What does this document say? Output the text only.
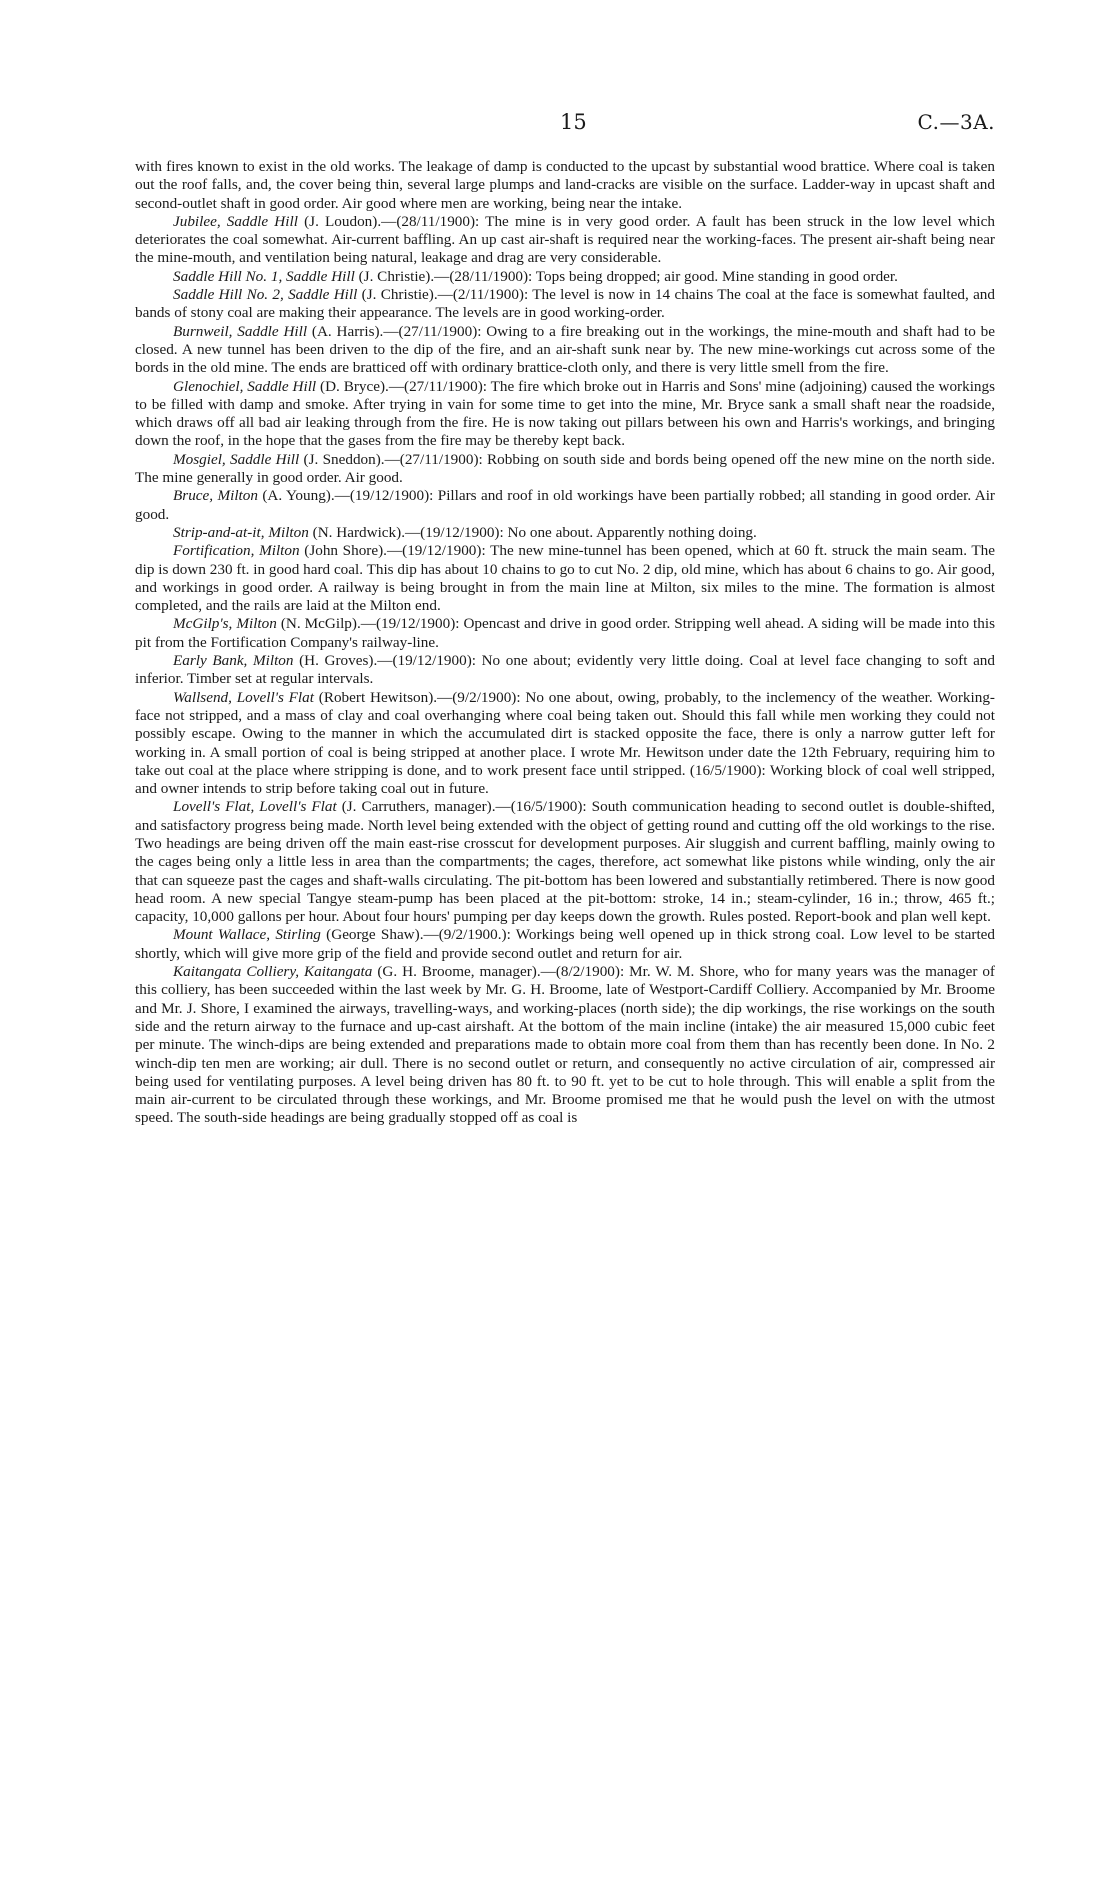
15	C.—3A.

with fires known to exist in the old works. The leakage of damp is conducted to the upcast by substantial wood brattice. Where coal is taken out the roof falls, and, the cover being thin, several large plumps and land-cracks are visible on the surface. Ladder-way in upcast shaft and second-outlet shaft in good order. Air good where men are working, being near the intake.

Jubilee, Saddle Hill (J. Loudon).—(28/11/1900): The mine is in very good order. A fault has been struck in the low level which deteriorates the coal somewhat. Air-current baffling. An up cast air-shaft is required near the working-faces. The present air-shaft being near the mine-mouth, and ventilation being natural, leakage and drag are very considerable.

Saddle Hill No. 1, Saddle Hill (J. Christie).—(28/11/1900): Tops being dropped; air good. Mine standing in good order.

Saddle Hill No. 2, Saddle Hill (J. Christie).—(2/11/1900): The level is now in 14 chains The coal at the face is somewhat faulted, and bands of stony coal are making their appearance. The levels are in good working-order.

Burnweil, Saddle Hill (A. Harris).—(27/11/1900): Owing to a fire breaking out in the workings, the mine-mouth and shaft had to be closed. A new tunnel has been driven to the dip of the fire, and an air-shaft sunk near by. The new mine-workings cut across some of the bords in the old mine. The ends are bratticed off with ordinary brattice-cloth only, and there is very little smell from the fire.

Glenochiel, Saddle Hill (D. Bryce).—(27/11/1900): The fire which broke out in Harris and Sons' mine (adjoining) caused the workings to be filled with damp and smoke. After trying in vain for some time to get into the mine, Mr. Bryce sank a small shaft near the roadside, which draws off all bad air leaking through from the fire. He is now taking out pillars between his own and Harris's workings, and bringing down the roof, in the hope that the gases from the fire may be thereby kept back.

Mosgiel, Saddle Hill (J. Sneddon).—(27/11/1900): Robbing on south side and bords being opened off the new mine on the north side. The mine generally in good order. Air good.

Bruce, Milton (A. Young).—(19/12/1900): Pillars and roof in old workings have been partially robbed; all standing in good order. Air good.

Strip-and-at-it, Milton (N. Hardwick).—(19/12/1900): No one about. Apparently nothing doing.

Fortification, Milton (John Shore).—(19/12/1900): The new mine-tunnel has been opened, which at 60 ft. struck the main seam. The dip is down 230 ft. in good hard coal. This dip has about 10 chains to go to cut No. 2 dip, old mine, which has about 6 chains to go. Air good, and workings in good order. A railway is being brought in from the main line at Milton, six miles to the mine. The formation is almost completed, and the rails are laid at the Milton end.

McGilp's, Milton (N. McGilp).—(19/12/1900): Opencast and drive in good order. Stripping well ahead. A siding will be made into this pit from the Fortification Company's railway-line.

Early Bank, Milton (H. Groves).—(19/12/1900): No one about; evidently very little doing. Coal at level face changing to soft and inferior. Timber set at regular intervals.

Wallsend, Lovell's Flat (Robert Hewitson).—(9/2/1900): No one about, owing, probably, to the inclemency of the weather. Working-face not stripped, and a mass of clay and coal overhanging where coal being taken out. Should this fall while men working they could not possibly escape. Owing to the manner in which the accumulated dirt is stacked opposite the face, there is only a narrow gutter left for working in. A small portion of coal is being stripped at another place. I wrote Mr. Hewitson under date the 12th February, requiring him to take out coal at the place where stripping is done, and to work present face until stripped. (16/5/1900): Working block of coal well stripped, and owner intends to strip before taking coal out in future.

Lovell's Flat, Lovell's Flat (J. Carruthers, manager).—(16/5/1900): South communication heading to second outlet is double-shifted, and satisfactory progress being made. North level being extended with the object of getting round and cutting off the old workings to the rise. Two headings are being driven off the main east-rise crosscut for development purposes. Air sluggish and current baffling, mainly owing to the cages being only a little less in area than the compartments; the cages, therefore, act somewhat like pistons while winding, only the air that can squeeze past the cages and shaft-walls circulating. The pit-bottom has been lowered and substantially retimbered. There is now good head room. A new special Tangye steam-pump has been placed at the pit-bottom: stroke, 14 in.; steam-cylinder, 16 in.; throw, 465 ft.; capacity, 10,000 gallons per hour. About four hours' pumping per day keeps down the growth. Rules posted. Report-book and plan well kept.

Mount Wallace, Stirling (George Shaw).—(9/2/1900.): Workings being well opened up in thick strong coal. Low level to be started shortly, which will give more grip of the field and provide second outlet and return for air.

Kaitangata Colliery, Kaitangata (G. H. Broome, manager).—(8/2/1900): Mr. W. M. Shore, who for many years was the manager of this colliery, has been succeeded within the last week by Mr. G. H. Broome, late of Westport-Cardiff Colliery. Accompanied by Mr. Broome and Mr. J. Shore, I examined the airways, travelling-ways, and working-places (north side); the dip workings, the rise workings on the south side and the return airway to the furnace and up-cast airshaft. At the bottom of the main incline (intake) the air measured 15,000 cubic feet per minute. The winch-dips are being extended and preparations made to obtain more coal from them than has recently been done. In No. 2 winch-dip ten men are working; air dull. There is no second outlet or return, and consequently no active circulation of air, compressed air being used for ventilating purposes. A level being driven has 80 ft. to 90 ft. yet to be cut to hole through. This will enable a split from the main air-current to be circulated through these workings, and Mr. Broome promised me that he would push the level on with the utmost speed. The south-side headings are being gradually stopped off as coal is
